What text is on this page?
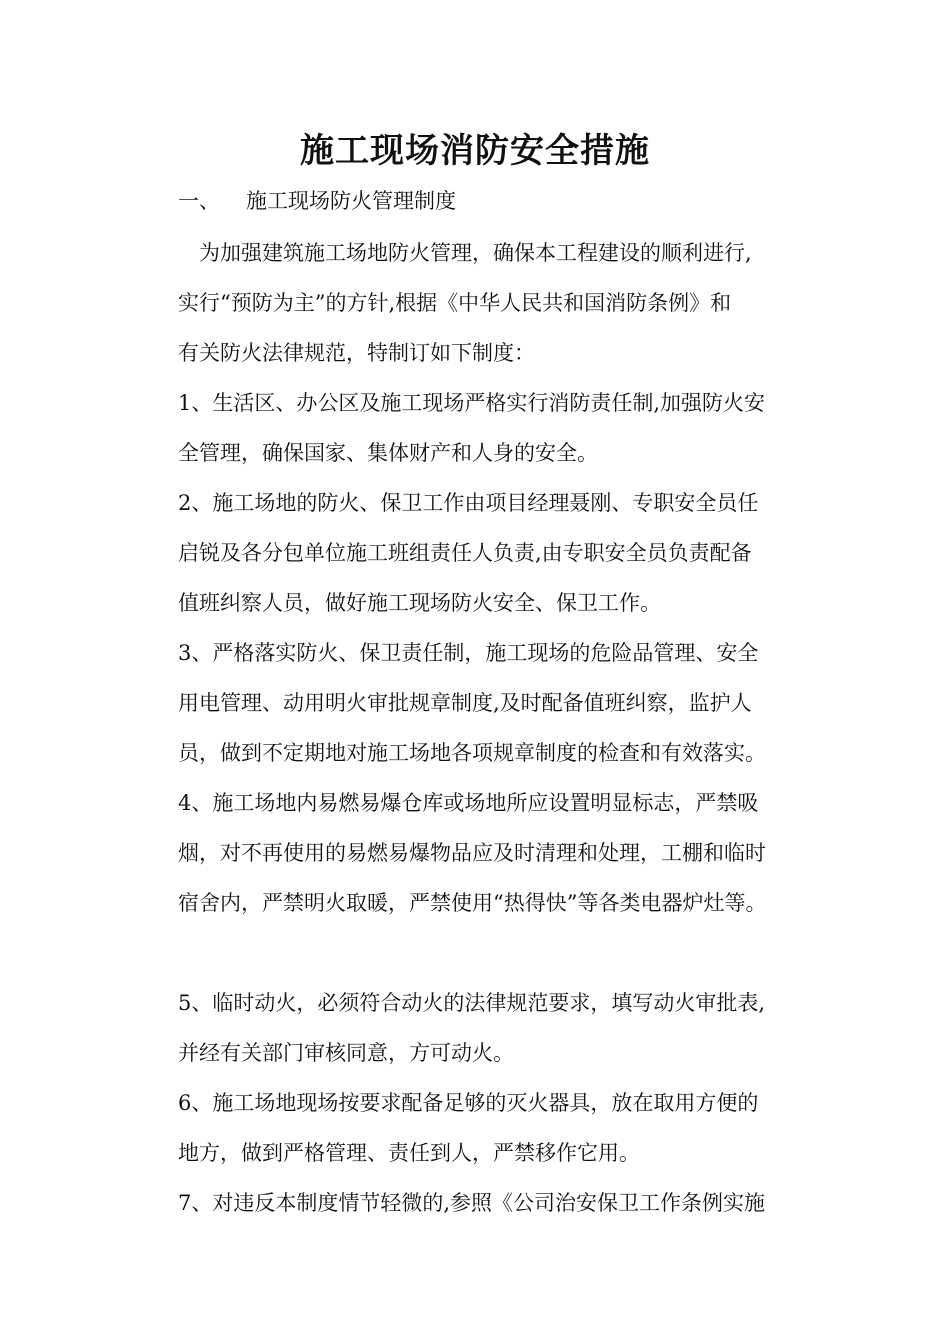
施工现场消防安全措施
一、 施工现场防火管理制度
　为加强建筑施工场地防火管理，确保本工程建设的顺利进行,
实行“预防为主”的方针,根据《中华人民共和国消防条例》和
有关防火法律规范，特制订如下制度：
1、生活区、办公区及施工现场严格实行消防责任制,加强防火安
全管理，确保国家、集体财产和人身的安全。
2、施工场地的防火、保卫工作由项目经理聂刚、专职安全员任
启锐及各分包单位施工班组责任人负责,由专职安全员负责配备
值班纠察人员，做好施工现场防火安全、保卫工作。
3、严格落实防火、保卫责任制，施工现场的危险品管理、安全
用电管理、动用明火审批规章制度,及时配备值班纠察，监护人
员，做到不定期地对施工场地各项规章制度的检查和有效落实。
4、施工场地内易燃易爆仓库或场地所应设置明显标志，严禁吸
烟，对不再使用的易燃易爆物品应及时清理和处理，工棚和临时
宿舍内，严禁明火取暖，严禁使用“热得快”等各类电器炉灶等。
5、临时动火，必须符合动火的法律规范要求，填写动火审批表,
并经有关部门审核同意，方可动火。
6、施工场地现场按要求配备足够的灭火器具，放在取用方便的
地方，做到严格管理、责任到人，严禁移作它用。
7、对违反本制度情节轻微的,参照《公司治安保卫工作条例实施
